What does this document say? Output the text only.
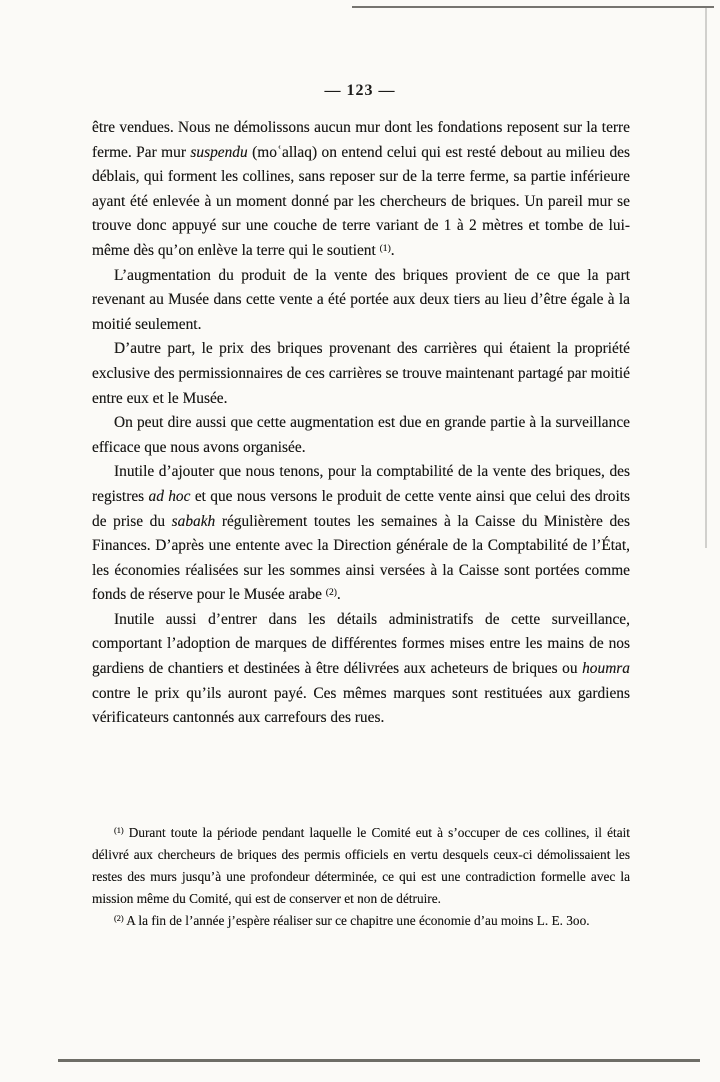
— 123 —

être vendues. Nous ne démolissons aucun mur dont les fondations reposent sur la terre ferme. Par mur suspendu (moʿallaq) on entend celui qui est resté debout au milieu des déblais, qui forment les collines, sans reposer sur de la terre ferme, sa partie inférieure ayant été enlevée à un moment donné par les chercheurs de briques. Un pareil mur se trouve donc appuyé sur une couche de terre variant de 1 à 2 mètres et tombe de lui-même dès qu’on enlève la terre qui le soutient $^{(1)}$.

L’augmentation du produit de la vente des briques provient de ce que la part revenant au Musée dans cette vente a été portée aux deux tiers au lieu d’être égale à la moitié seulement.

D’autre part, le prix des briques provenant des carrières qui étaient la propriété exclusive des permissionnaires de ces carrières se trouve maintenant partagé par moitié entre eux et le Musée.

On peut dire aussi que cette augmentation est due en grande partie à la surveillance efficace que nous avons organisée.

Inutile d’ajouter que nous tenons, pour la comptabilité de la vente des briques, des registres ad hoc et que nous versons le produit de cette vente ainsi que celui des droits de prise du sabakh régulièrement toutes les semaines à la Caisse du Ministère des Finances. D’après une entente avec la Direction générale de la Comptabilité de l’État, les économies réalisées sur les sommes ainsi versées à la Caisse sont portées comme fonds de réserve pour le Musée arabe $^{(2)}$.

Inutile aussi d’entrer dans les détails administratifs de cette surveillance, comportant l’adoption de marques de différentes formes mises entre les mains de nos gardiens de chantiers et destinées à être délivrées aux acheteurs de briques ou houmra contre le prix qu’ils auront payé. Ces mêmes marques sont restituées aux gardiens vérificateurs cantonnés aux carrefours des rues.

$^{(1)}$ Durant toute la période pendant laquelle le Comité eut à s’occuper de ces collines, il était délivré aux chercheurs de briques des permis officiels en vertu desquels ceux-ci démolissaient les restes des murs jusqu’à une profondeur déterminée, ce qui est une contradiction formelle avec la mission même du Comité, qui est de conserver et non de détruire.

$^{(2)}$ A la fin de l’année j’espère réaliser sur ce chapitre une économie d’au moins L. E. 3oo.
